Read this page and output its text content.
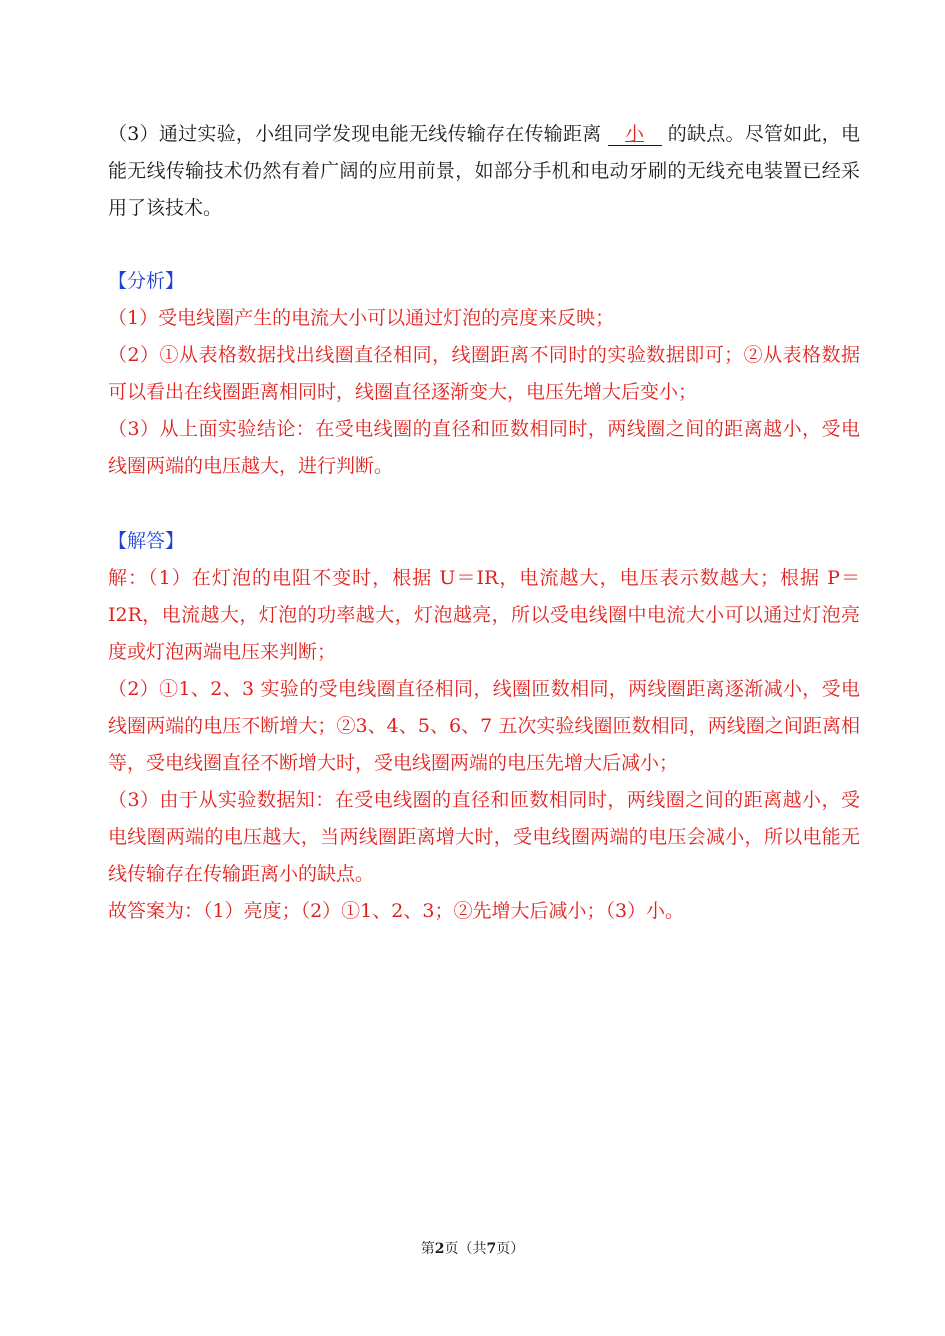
（3）通过实验，小组同学发现电能无线传输存在传输距离 小 的缺点。尽管如此，电能无线传输技术仍然有着广阔的应用前景，如部分手机和电动牙刷的无线充电装置已经采用了该技术。
【分析】
（1）受电线圈产生的电流大小可以通过灯泡的亮度来反映；
（2）①从表格数据找出线圈直径相同，线圈距离不同时的实验数据即可；②从表格数据可以看出在线圈距离相同时，线圈直径逐渐变大，电压先增大后变小；
（3）从上面实验结论：在受电线圈的直径和匝数相同时，两线圈之间的距离越小，受电线圈两端的电压越大，进行判断。
【解答】
解：（1）在灯泡的电阻不变时，根据 U＝IR，电流越大，电压表示数越大；根据 P＝I2R，电流越大，灯泡的功率越大，灯泡越亮，所以受电线圈中电流大小可以通过灯泡亮度或灯泡两端电压来判断；
（2）①1、2、3 实验的受电线圈直径相同，线圈匝数相同，两线圈距离逐渐减小，受电线圈两端的电压不断增大；②3、4、5、6、7 五次实验线圈匝数相同，两线圈之间距离相等，受电线圈直径不断增大时，受电线圈两端的电压先增大后减小；
（3）由于从实验数据知：在受电线圈的直径和匝数相同时，两线圈之间的距离越小，受电线圈两端的电压越大，当两线圈距离增大时，受电线圈两端的电压会减小，所以电能无线传输存在传输距离小的缺点。
故答案为：（1）亮度；（2）①1、2、3；②先增大后减小；（3）小。
第2页（共7页）
